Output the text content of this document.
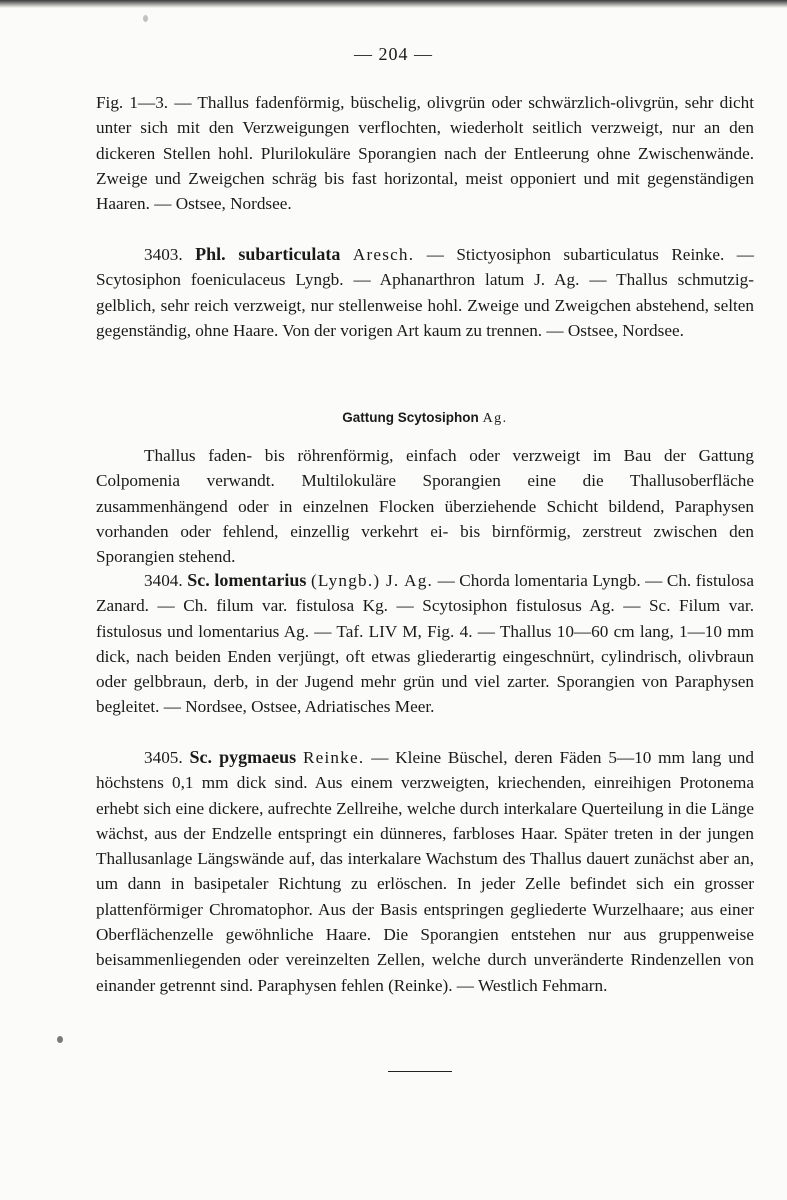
— 204 —
Fig. 1—3. — Thallus fadenförmig, büschelig, olivgrün oder schwärzlich-olivgrün, sehr dicht unter sich mit den Verzweigungen verflochten, wiederholt seitlich verzweigt, nur an den dickeren Stellen hohl. Plurilokuläre Sporangien nach der Entleerung ohne Zwischenwände. Zweige und Zweigchen schräg bis fast horizontal, meist opponiert und mit gegenständigen Haaren. — Ostsee, Nordsee.
3403. Phl. subarticulata Aresch. — Stictyosiphon subarticulatus Reinke. — Scytosiphon foeniculaceus Lyngb. — Aphanarthron latum J. Ag. — Thallus schmutzig-gelblich, sehr reich verzweigt, nur stellenweise hohl. Zweige und Zweigchen abstehend, selten gegenständig, ohne Haare. Von der vorigen Art kaum zu trennen. — Ostsee, Nordsee.
Gattung Scytosiphon Ag.
Thallus faden- bis röhrenförmig, einfach oder verzweigt im Bau der Gattung Colpomenia verwandt. Multilokuläre Sporangien eine die Thallusoberfläche zusammenhängend oder in einzelnen Flocken überziehende Schicht bildend, Paraphysen vorhanden oder fehlend, einzellig verkehrt ei- bis birnförmig, zerstreut zwischen den Sporangien stehend.
3404. Sc. lomentarius (Lyngb.) J. Ag. — Chorda lomentaria Lyngb. — Ch. fistulosa Zanard. — Ch. filum var. fistulosa Kg. — Scytosiphon fistulosus Ag. — Sc. Filum var. fistulosus und lomentarius Ag. — Taf. LIV M, Fig. 4. — Thallus 10—60 cm lang, 1—10 mm dick, nach beiden Enden verjüngt, oft etwas gliederartig eingeschnürt, cylindrisch, olivbraun oder gelbbraun, derb, in der Jugend mehr grün und viel zarter. Sporangien von Paraphysen begleitet. — Nordsee, Ostsee, Adriatisches Meer.
3405. Sc. pygmaeus Reinke. — Kleine Büschel, deren Fäden 5—10 mm lang und höchstens 0,1 mm dick sind. Aus einem verzweigten, kriechenden, einreihigen Protonema erhebt sich eine dickere, aufrechte Zellreihe, welche durch interkalare Querteilung in die Länge wächst, aus der Endzelle entspringt ein dünneres, farbloses Haar. Später treten in der jungen Thallusanlage Längswände auf, das interkalare Wachstum des Thallus dauert zunächst aber an, um dann in basipetaler Richtung zu erlöschen. In jeder Zelle befindet sich ein grosser plattenförmiger Chromatophor. Aus der Basis entspringen gegliederte Wurzelhaare; aus einer Oberflächenzelle gewöhnliche Haare. Die Sporangien entstehen nur aus gruppenweise beisammenliegenden oder vereinzelten Zellen, welche durch unveränderte Rindenzellen von einander getrennt sind. Paraphysen fehlen (Reinke). — Westlich Fehmarn.
